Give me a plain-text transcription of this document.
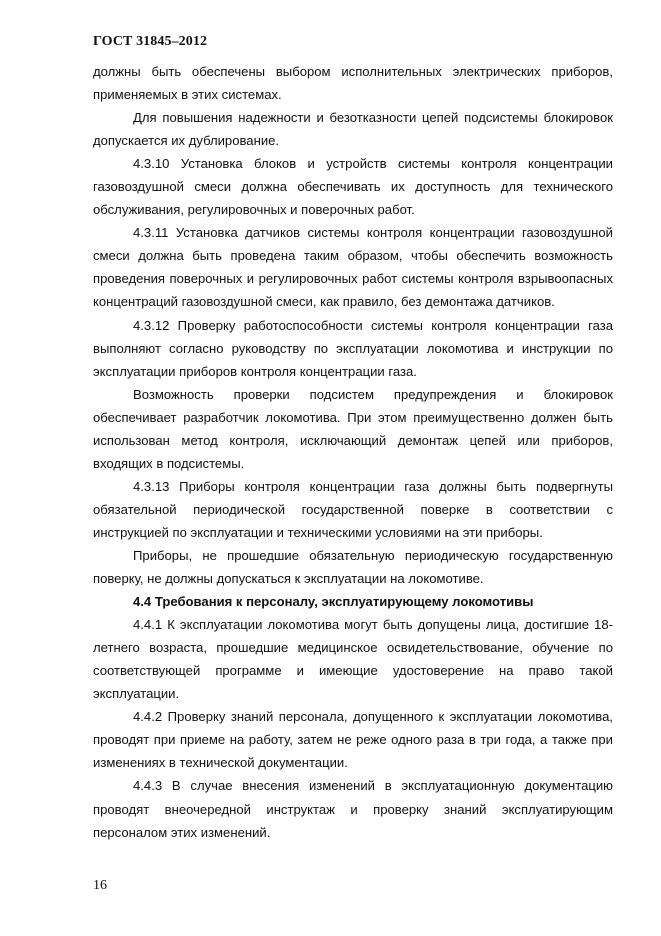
ГОСТ 31845–2012

должны быть обеспечены выбором исполнительных электрических приборов, применяемых в этих системах.

Для повышения надежности и безотказности цепей подсистемы блокировок допускается их дублирование.

4.3.10 Установка блоков и устройств системы контроля концентрации газовоздушной смеси должна обеспечивать их доступность для технического обслуживания, регулировочных и поверочных работ.

4.3.11 Установка датчиков системы контроля концентрации газовоздушной смеси должна быть проведена таким образом, чтобы обеспечить возможность проведения поверочных и регулировочных работ системы контроля взрывоопасных концентраций газовоздушной смеси, как правило, без демонтажа датчиков.

4.3.12 Проверку работоспособности системы контроля концентрации газа выполняют согласно руководству по эксплуатации локомотива и инструкции по эксплуатации приборов контроля концентрации газа.

Возможность проверки подсистем предупреждения и блокировок обеспечивает разработчик локомотива. При этом преимущественно должен быть использован метод контроля, исключающий демонтаж цепей или приборов, входящих в подсистемы.

4.3.13 Приборы контроля концентрации газа должны быть подвергнуты обязательной периодической государственной поверке в соответствии с инструкцией по эксплуатации и техническими условиями на эти приборы.

Приборы, не прошедшие обязательную периодическую государственную поверку, не должны допускаться к эксплуатации на локомотиве.

4.4 Требования к персоналу, эксплуатирующему локомотивы

4.4.1 К эксплуатации локомотива могут быть допущены лица, достигшие 18-летнего возраста, прошедшие медицинское освидетельствование, обучение по соответствующей программе и имеющие удостоверение на право такой эксплуатации.

4.4.2 Проверку знаний персонала, допущенного к эксплуатации локомотива, проводят при приеме на работу, затем не реже одного раза в три года, а также при изменениях в технической документации.

4.4.3 В случае внесения изменений в эксплуатационную документацию проводят внеочередной инструктаж и проверку знаний эксплуатирующим персоналом этих изменений.

16
